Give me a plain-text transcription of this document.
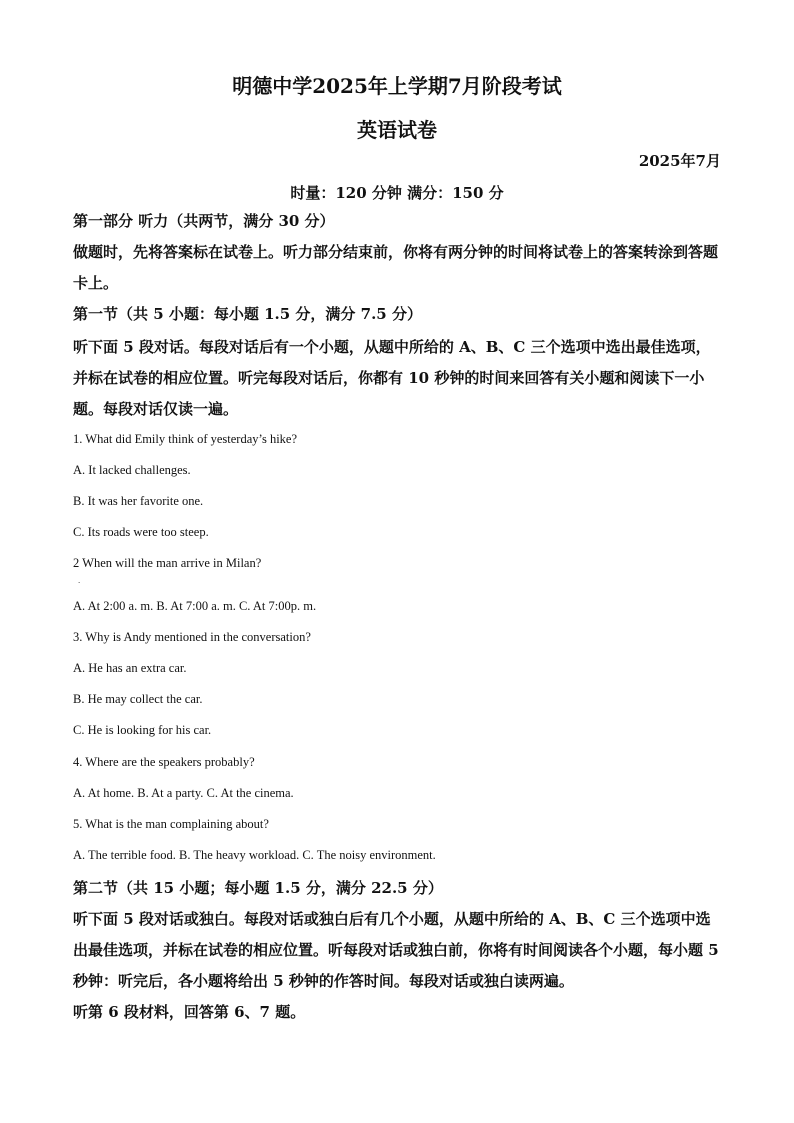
明德中学2025年上学期7月阶段考试
英语试卷
2025年7月
时量：120 分钟 满分：150 分
第一部分 听力（共两节，满分 30 分）
做题时，先将答案标在试卷上。听力部分结束前，你将有两分钟的时间将试卷上的答案转涂到答题卡上。
第一节（共 5 小题：每小题 1.5 分，满分 7.5 分）
听下面 5 段对话。每段对话后有一个小题，从题中所给的 A、B、C 三个选项中选出最佳选项，并标在试卷的相应位置。听完每段对话后，你都有 10 秒钟的时间来回答有关小题和阅读下一小题。每段对话仅读一遍。
1. What did Emily think of yesterday’s hike?
A. It lacked challenges.
B. It was her favorite one.
C. Its roads were too steep.
2 When will the man arrive in Milan?
.
A. At 2:00 a. m. B. At 7:00 a. m. C. At 7:00p. m.
3. Why is Andy mentioned in the conversation?
A. He has an extra car.
B. He may collect the car.
C. He is looking for his car.
4. Where are the speakers probably?
A. At home. B. At a party. C. At the cinema.
5. What is the man complaining about?
A. The terrible food. B. The heavy workload. C. The noisy environment.
第二节（共 15 小题；每小题 1.5 分，满分 22.5 分）
听下面 5 段对话或独白。每段对话或独白后有几个小题，从题中所给的 A、B、C 三个选项中选出最佳选项，并标在试卷的相应位置。听每段对话或独白前，你将有时间阅读各个小题，每小题 5 秒钟：听完后，各小题将给出 5 秒钟的作答时间。每段对话或独白读两遍。
听第 6 段材料，回答第 6、7 题。
